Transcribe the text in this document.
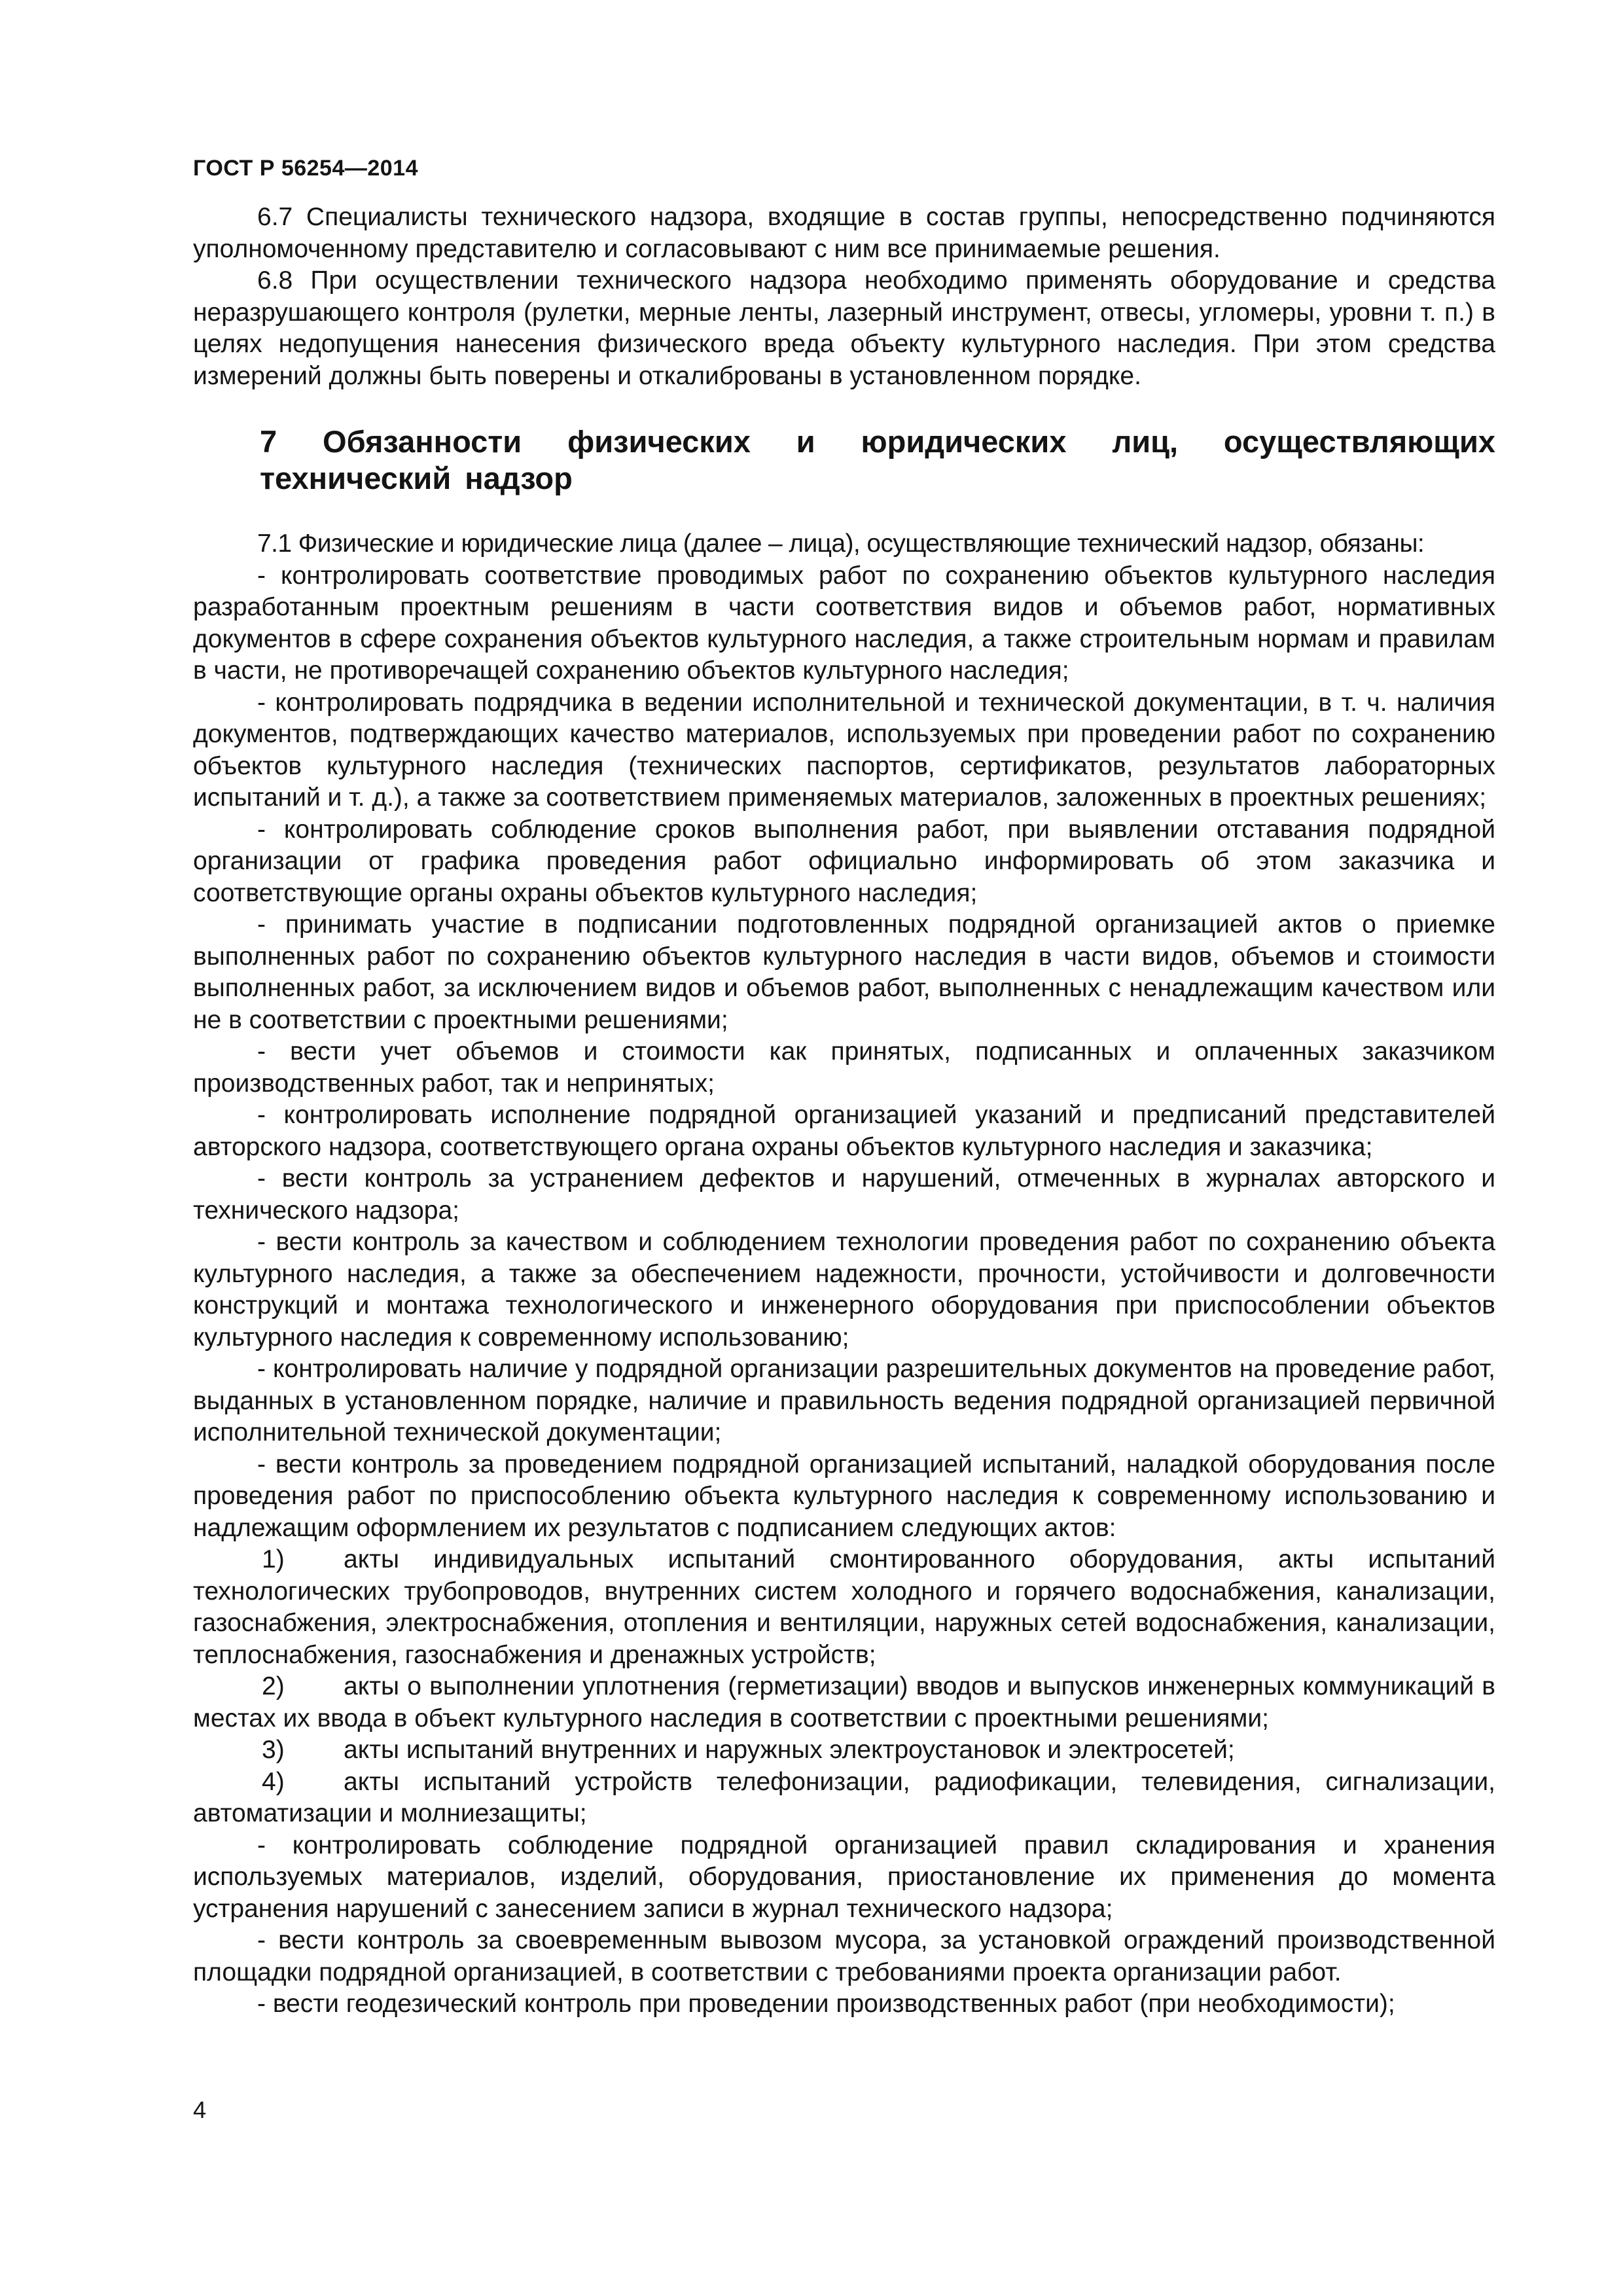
ГОСТ Р 56254—2014

6.7 Специалисты технического надзора, входящие в состав группы, непосредственно подчиняются уполномоченному представителю и согласовывают с ним все принимаемые решения.

6.8 При осуществлении технического надзора необходимо применять оборудование и средства неразрушающего контроля (рулетки, мерные ленты, лазерный инструмент, отвесы, угломеры, уровни т. п.) в целях недопущения нанесения физического вреда объекту культурного наследия. При этом средства измерений должны быть поверены и откалиброваны в установленном порядке.

7 Обязанности физических и юридических лиц, осуществляющих технический надзор

7.1 Физические и юридические лица (далее – лица), осуществляющие технический надзор, обязаны:

- контролировать соответствие проводимых работ по сохранению объектов культурного наследия разработанным проектным решениям в части соответствия видов и объемов работ, нормативных документов в сфере сохранения объектов культурного наследия, а также строительным нормам и правилам в части, не противоречащей сохранению объектов культурного наследия;

- контролировать подрядчика в ведении исполнительной и технической документации, в т. ч. наличия документов, подтверждающих качество материалов, используемых при проведении работ по сохранению объектов культурного наследия (технических паспортов, сертификатов, результатов лабораторных испытаний и т. д.), а также за соответствием применяемых материалов, заложенных в проектных решениях;

- контролировать соблюдение сроков выполнения работ, при выявлении отставания подрядной организации от графика проведения работ официально информировать об этом заказчика и соответствующие органы охраны объектов культурного наследия;

- принимать участие в подписании подготовленных подрядной организацией актов о приемке выполненных работ по сохранению объектов культурного наследия в части видов, объемов и стоимости выполненных работ, за исключением видов и объемов работ, выполненных с ненадлежащим качеством или не в соответствии с проектными решениями;

- вести учет объемов и стоимости как принятых, подписанных и оплаченных заказчиком производственных работ, так и непринятых;

- контролировать исполнение подрядной организацией указаний и предписаний представителей авторского надзора, соответствующего органа охраны объектов культурного наследия и заказчика;

- вести контроль за устранением дефектов и нарушений, отмеченных в журналах авторского и технического надзора;

- вести контроль за качеством и соблюдением технологии проведения работ по сохранению объекта культурного наследия, а также за обеспечением надежности, прочности, устойчивости и долговечности конструкций и монтажа технологического и инженерного оборудования при приспособлении объектов культурного наследия к современному использованию;

- контролировать наличие у подрядной организации разрешительных документов на проведение работ, выданных в установленном порядке, наличие и правильность ведения подрядной организацией первичной исполнительной технической документации;

- вести контроль за проведением подрядной организацией испытаний, наладкой оборудования после проведения работ по приспособлению объекта культурного наследия к современному использованию и надлежащим оформлением их результатов с подписанием следующих актов:

1) акты индивидуальных испытаний смонтированного оборудования, акты испытаний технологических трубопроводов, внутренних систем холодного и горячего водоснабжения, канализации, газоснабжения, электроснабжения, отопления и вентиляции, наружных сетей водоснабжения, канализации, теплоснабжения, газоснабжения и дренажных устройств;

2) акты о выполнении уплотнения (герметизации) вводов и выпусков инженерных коммуникаций в местах их ввода в объект культурного наследия в соответствии с проектными решениями;

3) акты испытаний внутренних и наружных электроустановок и электросетей;

4) акты испытаний устройств телефонизации, радиофикации, телевидения, сигнализации, автоматизации и молниезащиты;

- контролировать соблюдение подрядной организацией правил складирования и хранения используемых материалов, изделий, оборудования, приостановление их применения до момента устранения нарушений с занесением записи в журнал технического надзора;

- вести контроль за своевременным вывозом мусора, за установкой ограждений производственной площадки подрядной организацией, в соответствии с требованиями проекта организации работ.

- вести геодезический контроль при проведении производственных работ (при необходимости);

4
